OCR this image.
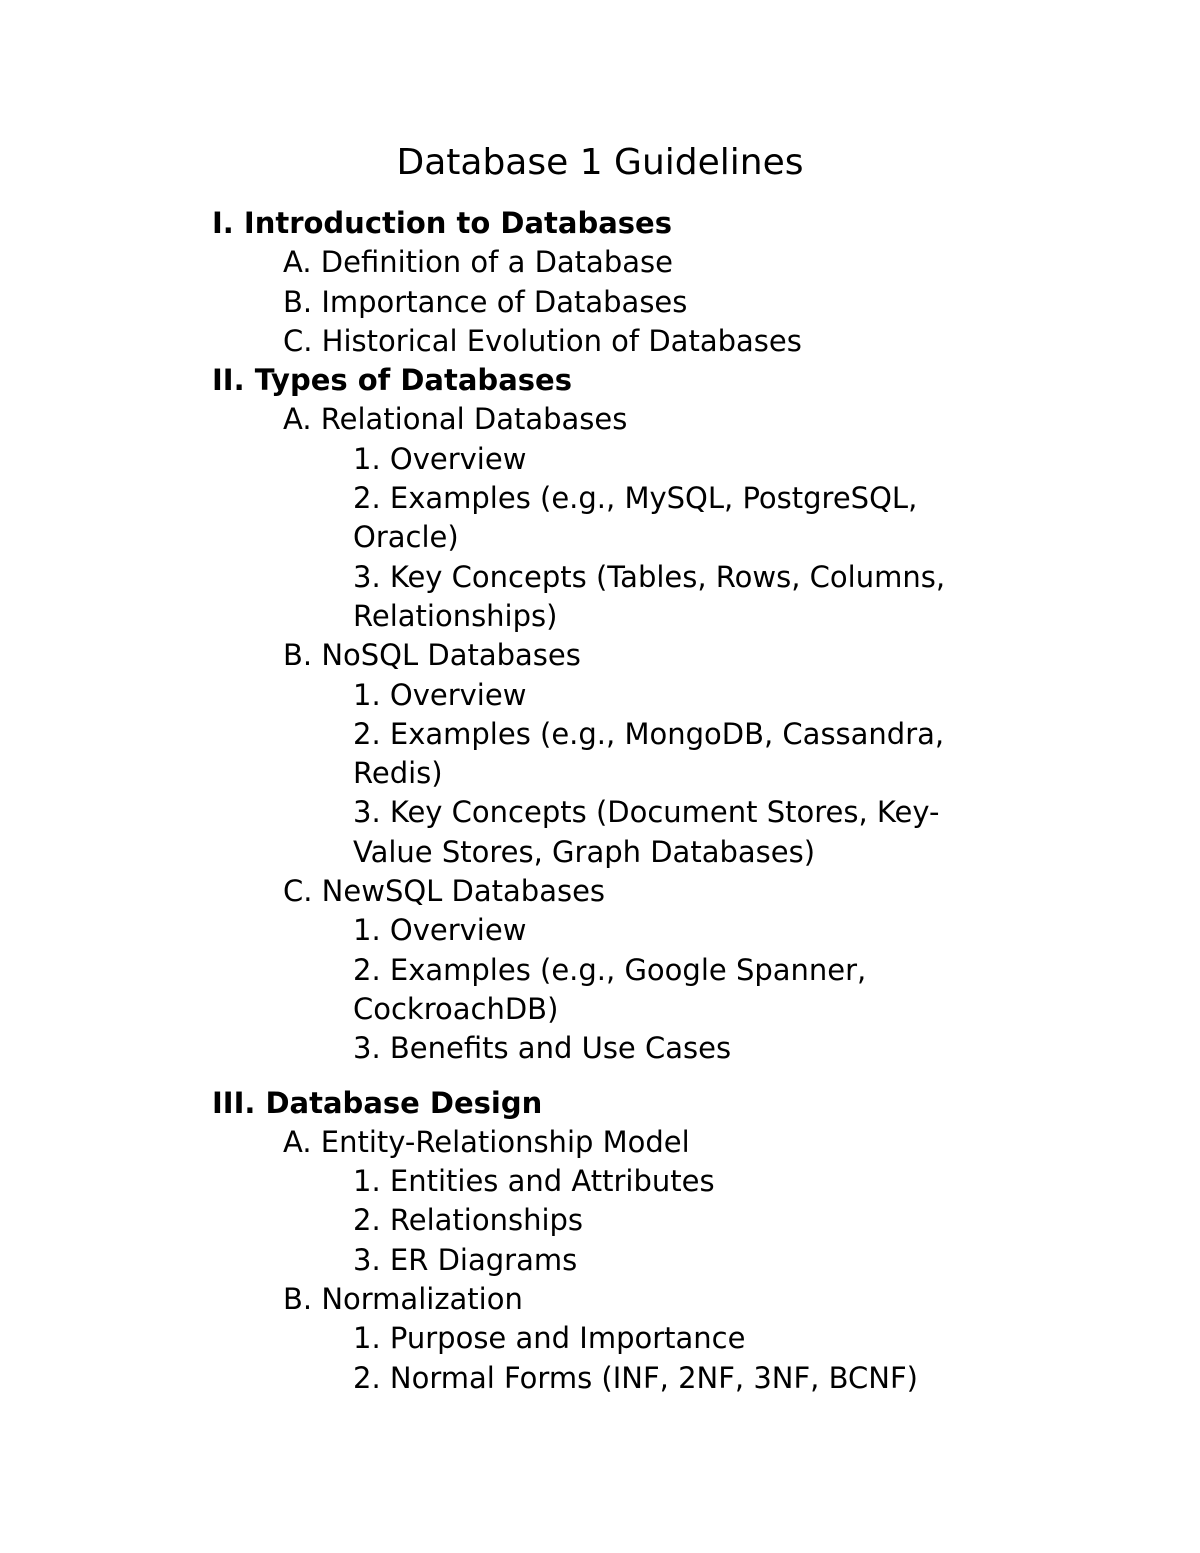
Database 1 Guidelines
I. Introduction to Databases
A. Definition of a Database
B. Importance of Databases
C. Historical Evolution of Databases
II. Types of Databases
A. Relational Databases
1. Overview
2. Examples (e.g., MySQL, PostgreSQL,
Oracle)
3. Key Concepts (Tables, Rows, Columns,
Relationships)
B. NoSQL Databases
1. Overview
2. Examples (e.g., MongoDB, Cassandra,
Redis)
3. Key Concepts (Document Stores, Key-
Value Stores, Graph Databases)
C. NewSQL Databases
1. Overview
2. Examples (e.g., Google Spanner,
CockroachDB)
3. Benefits and Use Cases
III. Database Design
A. Entity-Relationship Model
1. Entities and Attributes
2. Relationships
3. ER Diagrams
B. Normalization
1. Purpose and Importance
2. Normal Forms (INF, 2NF, 3NF, BCNF)
